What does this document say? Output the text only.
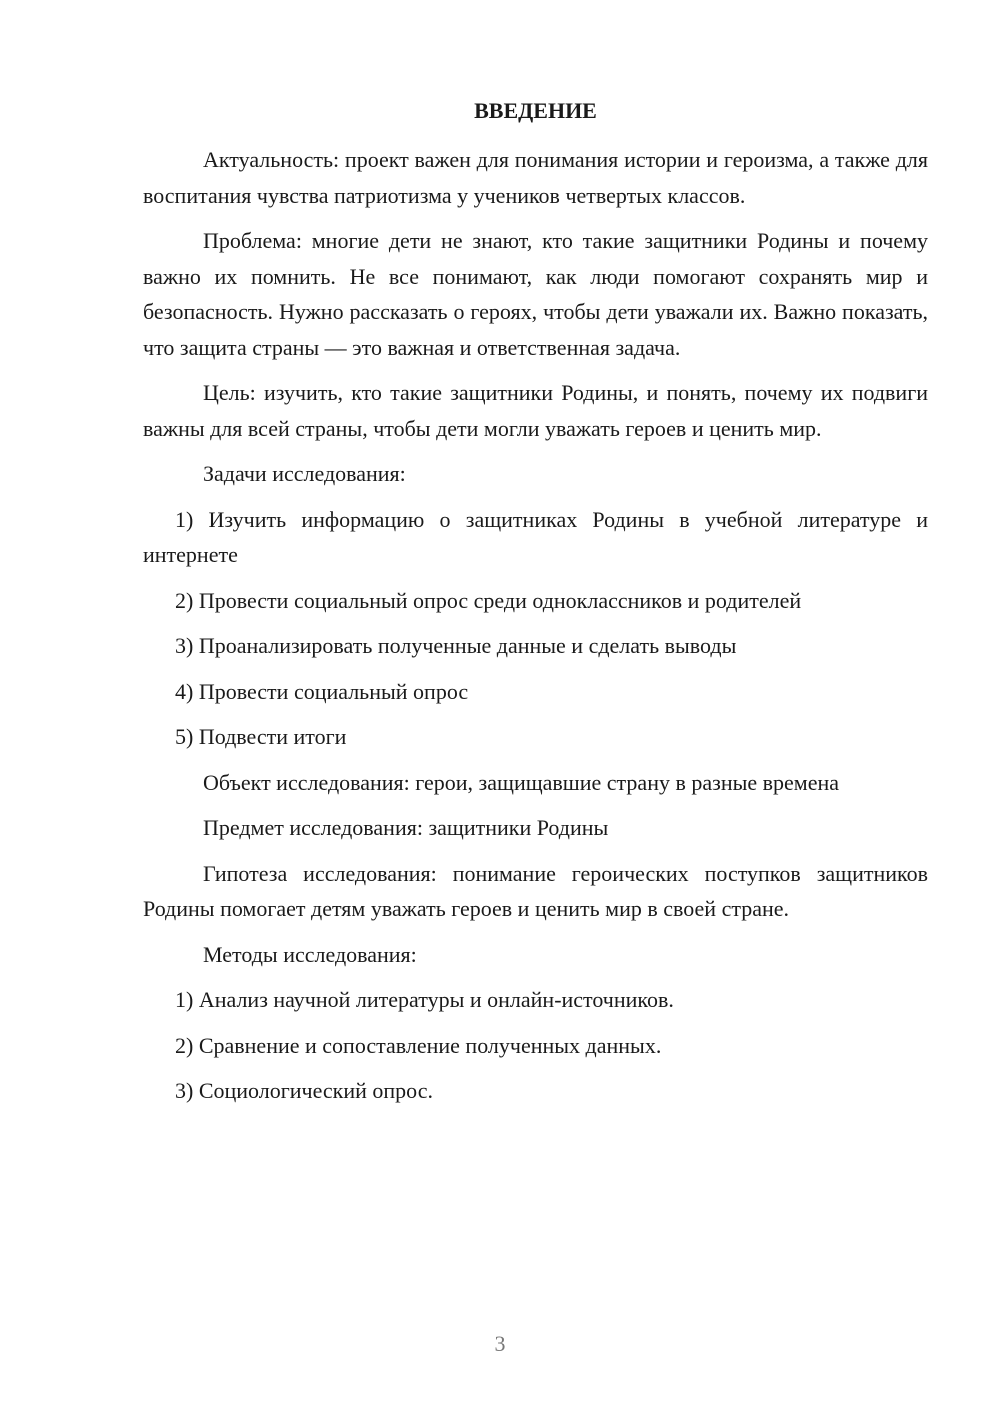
ВВЕДЕНИЕ

Актуальность: проект важен для понимания истории и героизма, а также для воспитания чувства патриотизма у учеников четвертых классов.

Проблема: многие дети не знают, кто такие защитники Родины и почему важно их помнить. Не все понимают, как люди помогают сохранять мир и безопасность. Нужно рассказать о героях, чтобы дети уважали их. Важно показать, что защита страны — это важная и ответственная задача.

Цель: изучить, кто такие защитники Родины, и понять, почему их подвиги важны для всей страны, чтобы дети могли уважать героев и ценить мир.

Задачи исследования:

1) Изучить информацию о защитниках Родины в учебной литературе и интернете

2) Провести социальный опрос среди одноклассников и родителей

3) Проанализировать полученные данные и сделать выводы

4) Провести социальный опрос

5) Подвести итоги

Объект исследования: герои, защищавшие страну в разные времена

Предмет исследования: защитники Родины

Гипотеза исследования: понимание героических поступков защитников Родины помогает детям уважать героев и ценить мир в своей стране.

Методы исследования:

1) Анализ научной литературы и онлайн-источников.

2) Сравнение и сопоставление полученных данных.

3) Социологический опрос.

3
